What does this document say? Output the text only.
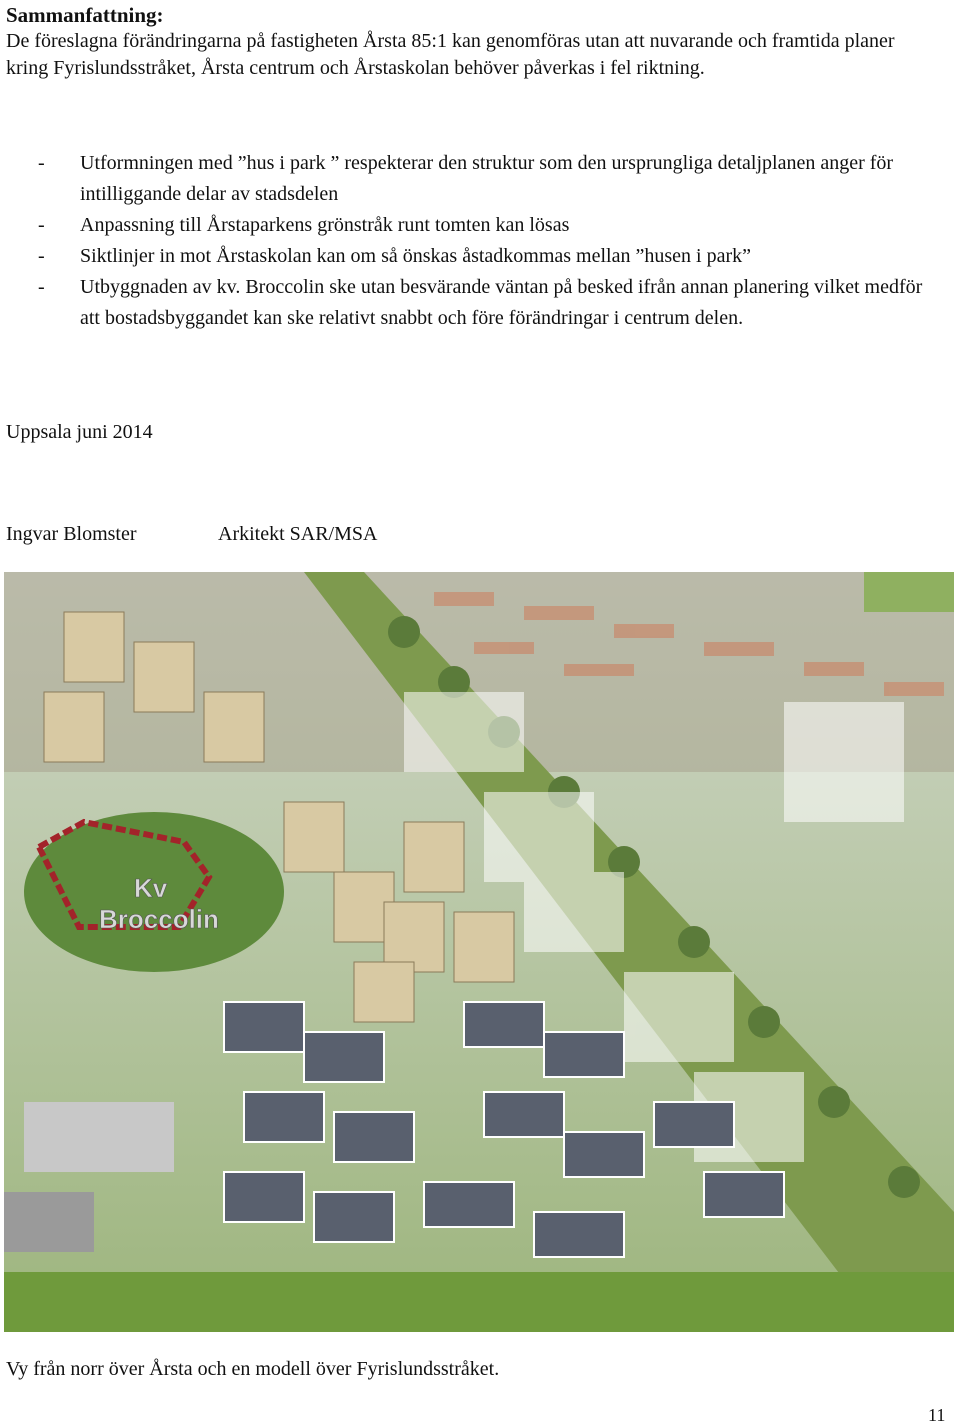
Sammanfattning:

De föreslagna förändringarna på fastigheten Årsta 85:1 kan genomföras utan att nuvarande och framtida planer kring Fyrislundsstråket, Årsta centrum och Årstaskolan behöver påverkas i fel riktning.

- Utformningen med ”hus i park ” respekterar den struktur som den ursprungliga detaljplanen anger för intilliggande delar av stadsdelen
- Anpassning till Årstaparkens grönstråk runt tomten kan lösas
- Siktlinjer in mot Årstaskolan kan om så önskas åstadkommas mellan ”husen i park”
- Utbyggnaden av kv. Broccolin ske utan besvärande väntan på besked ifrån annan planering vilket medför att bostadsbyggandet kan ske relativt snabbt och före förändringar i centrum delen.
Uppsala juni 2014
Ingvar Blomster	Arkitekt SAR/MSA
Kv
Broccolin
Vy från norr över Årsta och en modell över Fyrislundsstråket.
11
